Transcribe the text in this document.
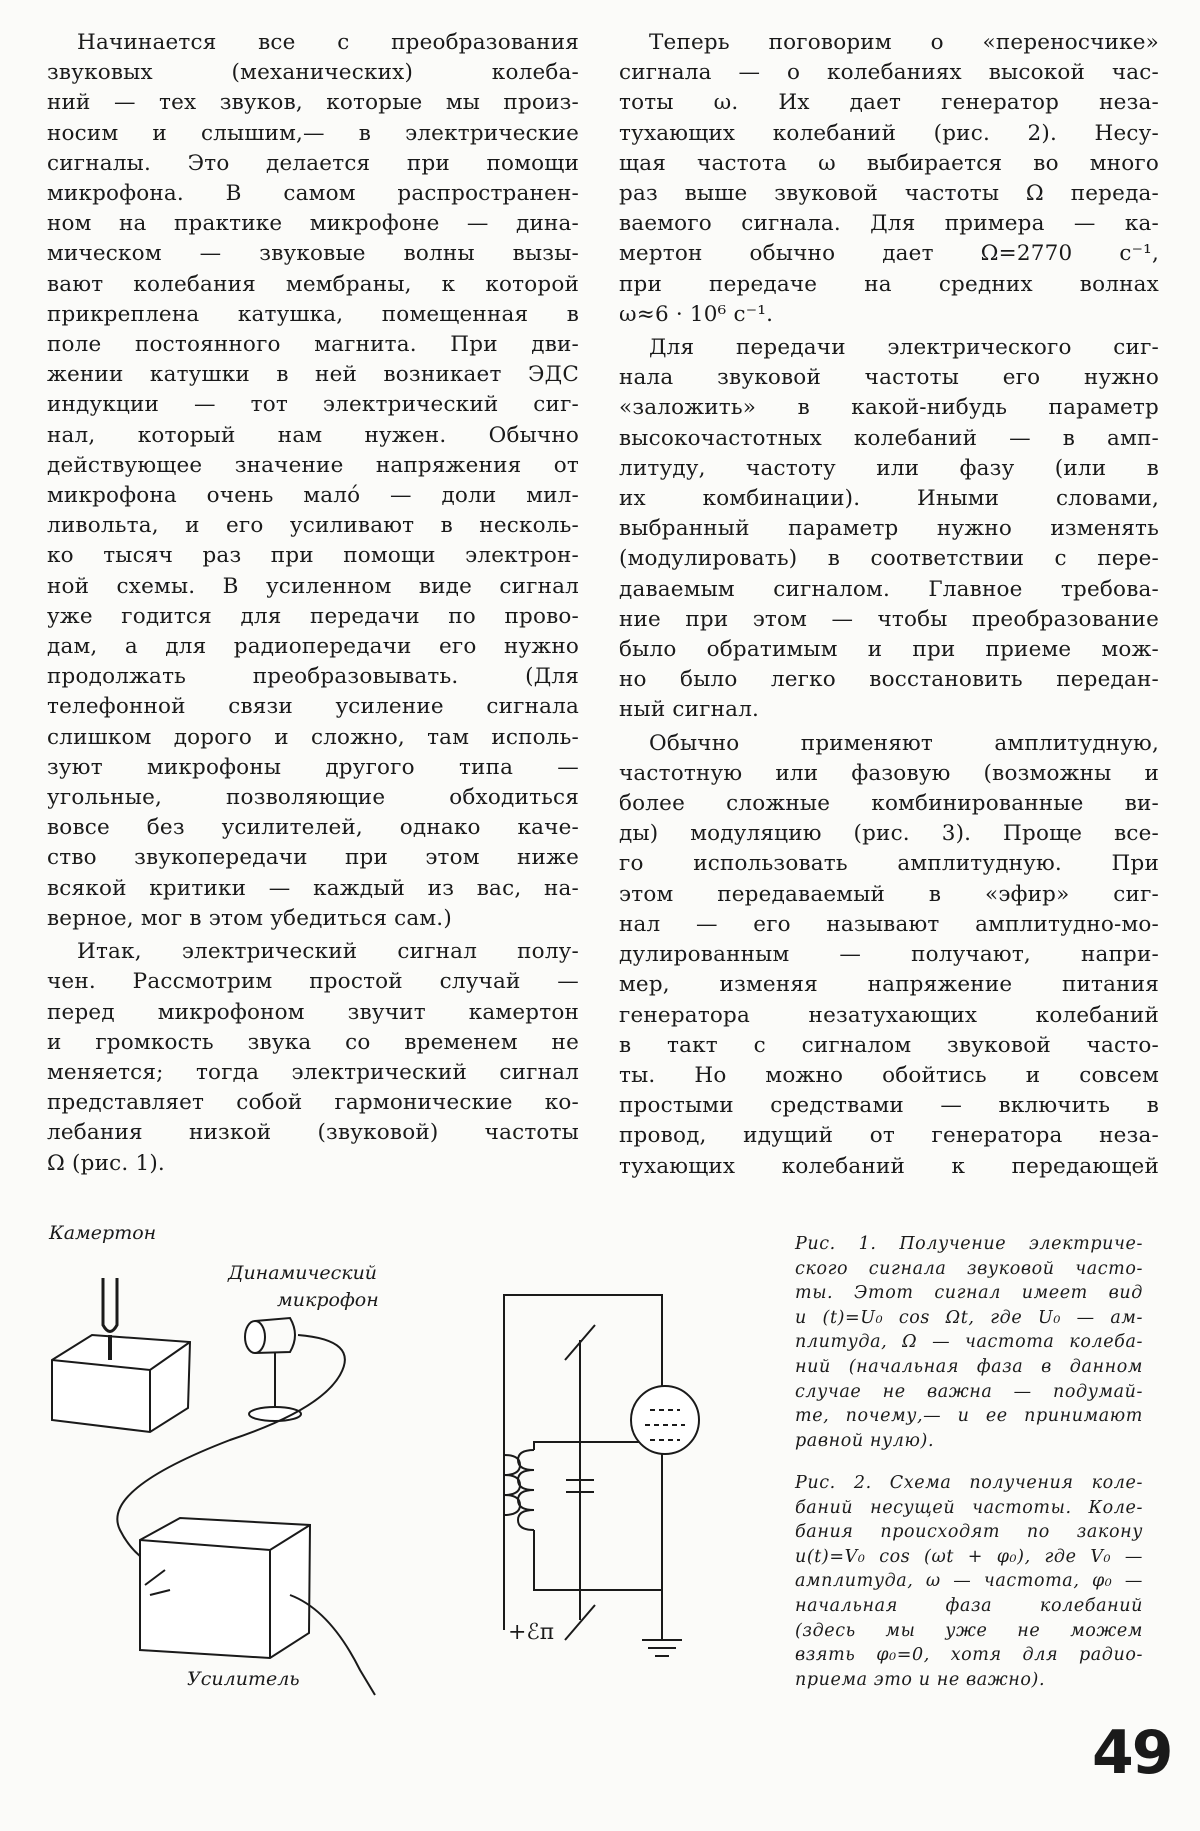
Начинается все с преобразования
звуковых (механических) колеба-
ний — тех звуков, которые мы произ-
носим и слышим,— в электрические
сигналы. Это делается при помощи
микрофона. В самом распространен-
ном на практике микрофоне — дина-
мическом — звуковые волны вызы-
вают колебания мембраны, к которой
прикреплена катушка, помещенная в
поле постоянного магнита. При дви-
жении катушки в ней возникает ЭДС
индукции — тот электрический сиг-
нал, который нам нужен. Обычно
действующее значение напряжения от
микрофона очень мало́ — доли мил-
ливольта, и его усиливают в несколь-
ко тысяч раз при помощи электрон-
ной схемы. В усиленном виде сигнал
уже годится для передачи по прово-
дам, а для радиопередачи его нужно
продолжать преобразовывать. (Для
телефонной связи усиление сигнала
слишком дорого и сложно, там исполь-
зуют микрофоны другого типа —
угольные, позволяющие обходиться
вовсе без усилителей, однако каче-
ство звукопередачи при этом ниже
всякой критики — каждый из вас, на-
верное, мог в этом убедиться сам.)
Итак, электрический сигнал полу-
чен. Рассмотрим простой случай —
перед микрофоном звучит камертон
и громкость звука со временем не
меняется; тогда электрический сигнал
представляет собой гармонические ко-
лебания низкой (звуковой) частоты
Ω (рис. 1).
Теперь поговорим о «переносчике»
сигнала — о колебаниях высокой час-
тоты ω. Их дает генератор неза-
тухающих колебаний (рис. 2). Несу-
щая частота ω выбирается во много
раз выше звуковой частоты Ω переда-
ваемого сигнала. Для примера — ка-
мертон обычно дает Ω=2770 с⁻¹,
при передаче на средних волнах
ω≈6 · 10⁶ с⁻¹.
Для передачи электрического сиг-
нала звуковой частоты его нужно
«заложить» в какой-нибудь параметр
высокочастотных колебаний — в амп-
литуду, частоту или фазу (или в
их комбинации). Иными словами,
выбранный параметр нужно изменять
(модулировать) в соответствии с пере-
даваемым сигналом. Главное требова-
ние при этом — чтобы преобразование
было обратимым и при приеме мож-
но было легко восстановить передан-
ный сигнал.
Обычно применяют амплитудную,
частотную или фазовую (возможны и
более сложные комбинированные ви-
ды) модуляцию (рис. 3). Проще все-
го использовать амплитудную. При
этом передаваемый в «эфир» сиг-
нал — его называют амплитудно-мо-
дулированным — получают, напри-
мер, изменяя напряжение питания
генератора незатухающих колебаний
в такт с сигналом звуковой часто-
ты. Но можно обойтись и совсем
простыми средствами — включить в
провод, идущий от генератора неза-
тухающих колебаний к передающей
Камертон
Динамический
микрофон
Усилитель
+ℰп
Рис. 1. Получение электриче-
ского сигнала звуковой часто-
ты. Этот сигнал имеет вид
u (t)=U₀ cos Ωt, где U₀ — ам-
плитуда, Ω — частота колеба-
ний (начальная фаза в данном
случае не важна — подумай-
те, почему,— и ее принимают
равной нулю).
Рис. 2. Схема получения коле-
баний несущей частоты. Коле-
бания происходят по закону
u(t)=V₀ cos (ωt + φ₀), где V₀ —
амплитуда, ω — частота, φ₀ —
начальная фаза колебаний
(здесь мы уже не можем
взять φ₀=0, хотя для радио-
приема это и не важно).
49
